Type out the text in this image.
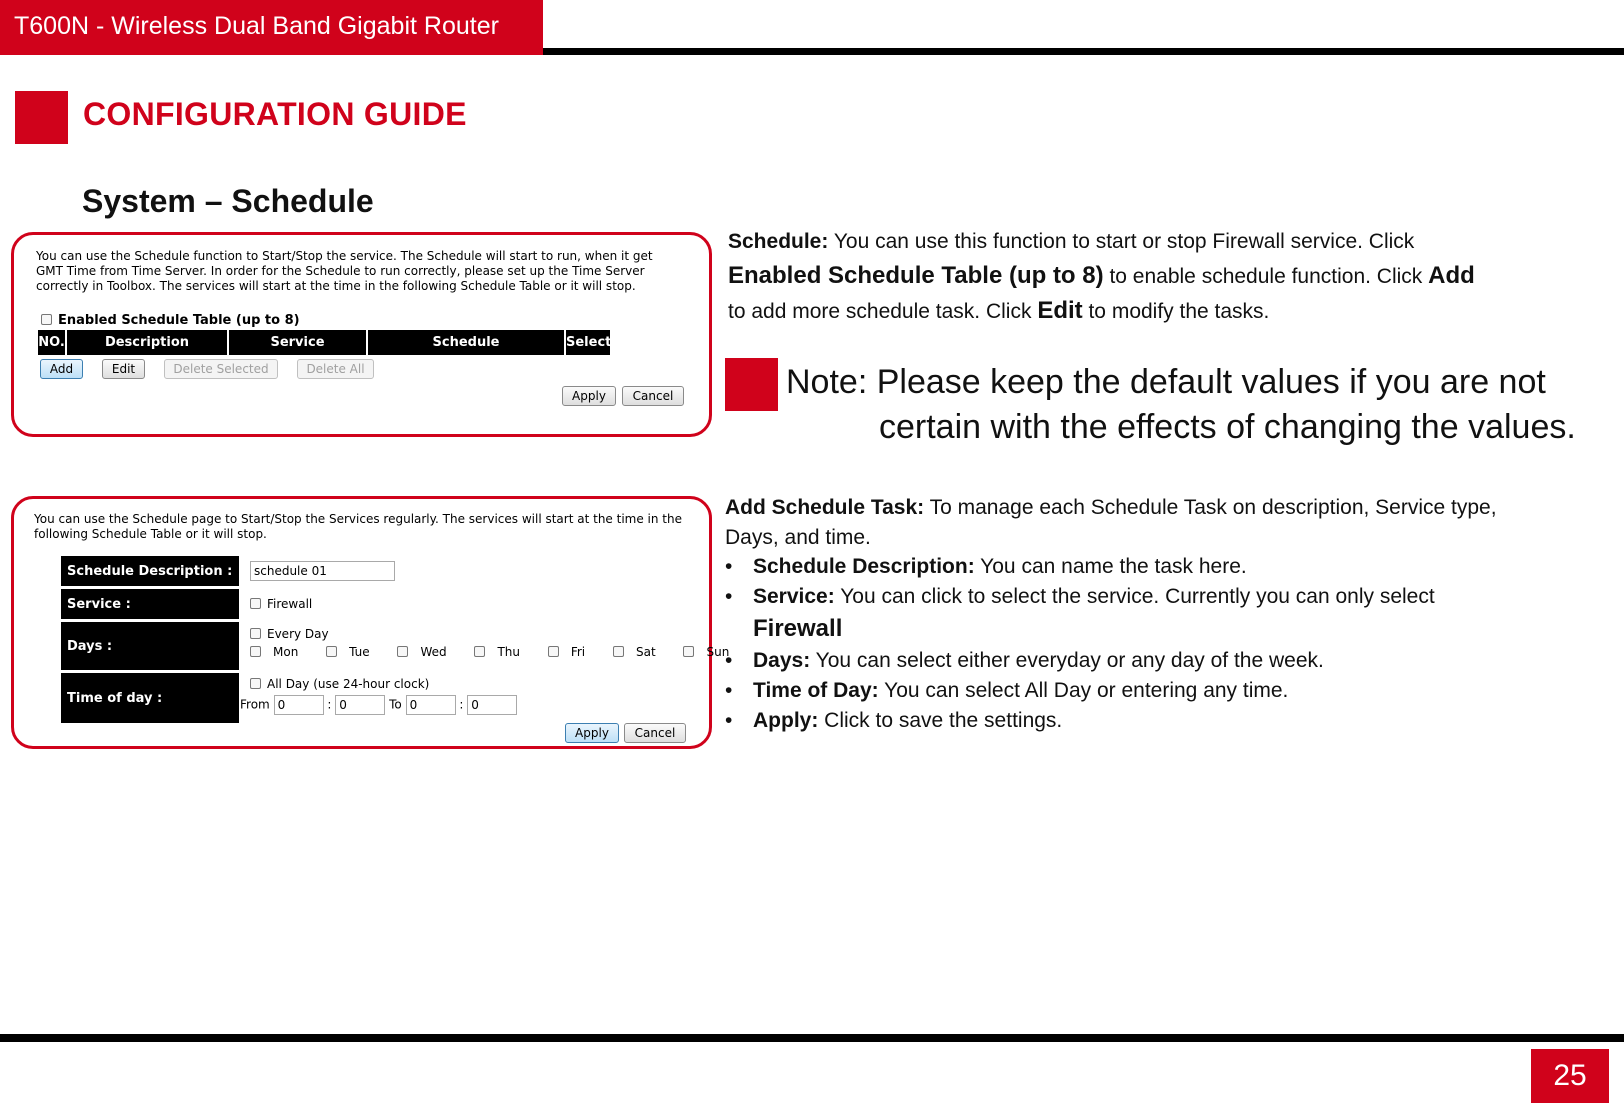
T600N - Wireless Dual Band Gigabit Router
CONFIGURATION GUIDE
System – Schedule
You can use the Schedule function to Start/Stop the service. The Schedule will start to run, when it get GMT Time from Time Server. In order for the Schedule to run correctly, please set up the Time Server correctly in Toolbox. The services will start at the time in the following Schedule Table or it will stop.
Enabled Schedule Table (up to 8)
NO.	Description	Service	Schedule	Select
Add	Edit	Delete Selected	Delete All
Apply	Cancel
You can use the Schedule page to Start/Stop the Services regularly. The services will start at the time in the following Schedule Table or it will stop.
Schedule Description :	schedule 01
Service :	Firewall
Days :
Every Day
Mon	Tue	Wed	Thu	Fri	Sat	Sun
Time of day :
All Day (use 24-hour clock)
From 0	: 0	To 0	: 0
Apply	Cancel
Schedule: You can use this function to start or stop Firewall service. Click
Enabled Schedule Table (up to 8) to enable schedule function. Click Add
to add more schedule task. Click Edit to modify the tasks.
Note: Please keep the default values if you are not
certain with the effects of changing the values.
Add Schedule Task: To manage each Schedule Task on description, Service type, Days, and time.
• Schedule Description: You can name the task here.
• Service: You can click to select the service. Currently you can only select
Firewall
• Days: You can select either everyday or any day of the week.
• Time of Day: You can select All Day or entering any time.
• Apply: Click to save the settings.
25
